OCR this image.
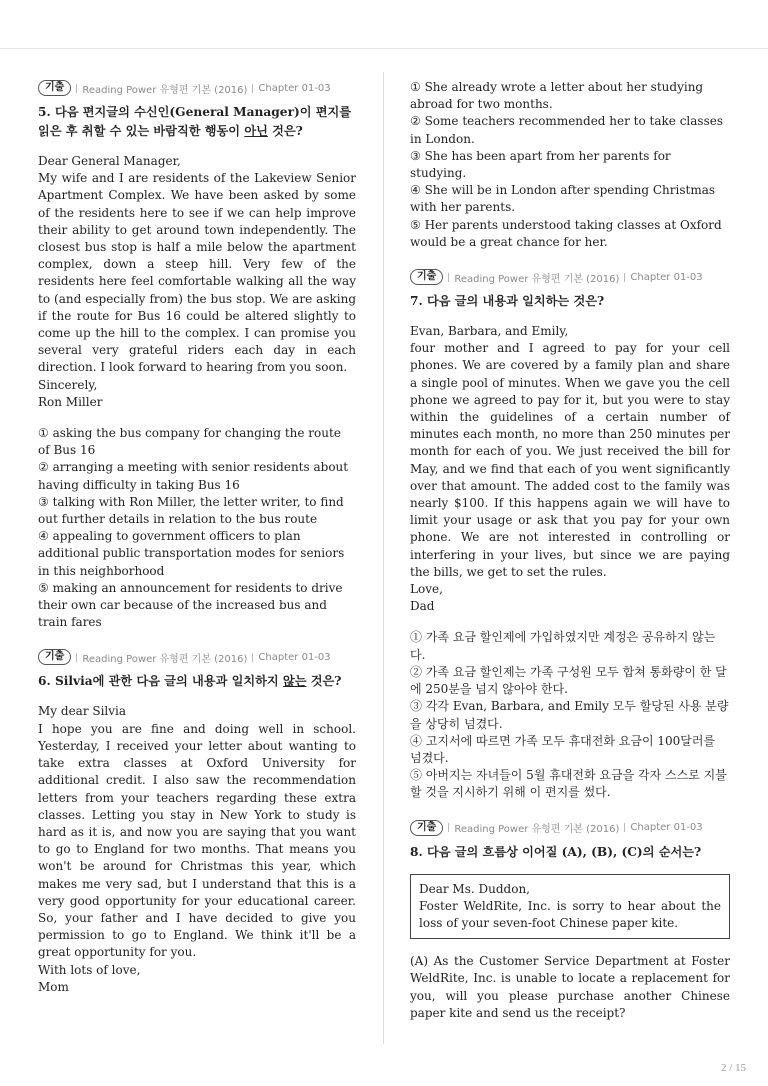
기출	Reading Power 유형편 기본 (2016) Chapter 01-03
5. 다음 편지글의 수신인(General Manager)이 편지를 읽은 후 취할 수 있는 바람직한 행동이 아닌 것은?

Dear General Manager,

My wife and I are residents of the Lakeview Senior Apartment Complex. We have been asked by some of the residents here to see if we can help improve their ability to get around town independently. The closest bus stop is half a mile below the apartment complex, down a steep hill. Very few of the residents here feel comfortable walking all the way to (and especially from) the bus stop. We are asking if the route for Bus 16 could be altered slightly to come up the hill to the complex. I can promise you several very grateful riders each day in each direction. I look forward to hearing from you soon.

Sincerely,

Ron Miller

① asking the bus company for changing the route of Bus 16

② arranging a meeting with senior residents about having difficulty in taking Bus 16

③ talking with Ron Miller, the letter writer, to find out further details in relation to the bus route

④ appealing to government officers to plan additional public transportation modes for seniors in this neighborhood

⑤ making an announcement for residents to drive their own car because of the increased bus and train fares

기출	Reading Power 유형편 기본 (2016) Chapter 01-03
6. Silvia에 관한 다음 글의 내용과 일치하지 않는 것은?

My dear Silvia

I hope you are fine and doing well in school. Yesterday, I received your letter about wanting to take extra classes at Oxford University for additional credit. I also saw the recommendation letters from your teachers regarding these extra classes. Letting you stay in New York to study is hard as it is, and now you are saying that you want to go to England for two months. That means you won't be around for Christmas this year, which makes me very sad, but I understand that this is a very good opportunity for your educational career. So, your father and I have decided to give you permission to go to England. We think it'll be a great opportunity for you.

With lots of love,

Mom

① She already wrote a letter about her studying abroad for two months.

② Some teachers recommended her to take classes in London.

③ She has been apart from her parents for studying.

④ She will be in London after spending Christmas with her parents.

⑤ Her parents understood taking classes at Oxford would be a great chance for her.

기출	Reading Power 유형편 기본 (2016) Chapter 01-03
7. 다음 글의 내용과 일치하는 것은?

Evan, Barbara, and Emily,

four mother and I agreed to pay for your cell phones. We are covered by a family plan and share a single pool of minutes. When we gave you the cell phone we agreed to pay for it, but you were to stay within the guidelines of a certain number of minutes each month, no more than 250 minutes per month for each of you. We just received the bill for May, and we find that each of you went significantly over that amount. The added cost to the family was nearly $100. If this happens again we will have to limit your usage or ask that you pay for your own phone. We are not interested in controlling or interfering in your lives, but since we are paying the bills, we get to set the rules.

Love,

Dad

① 가족 요금 할인제에 가입하였지만 계정은 공유하지 않는다.

② 가족 요금 할인제는 가족 구성원 모두 합쳐 통화량이 한 달에 250분을 넘지 않아야 한다.

③ 각각 Evan, Barbara, and Emily 모두 할당된 사용 분량을 상당히 넘겼다.

④ 고지서에 따르면 가족 모두 휴대전화 요금이 100달러를 넘겼다.

⑤ 아버지는 자녀들이 5월 휴대전화 요금을 각자 스스로 지불할 것을 지시하기 위해 이 편지를 썼다.

기출	Reading Power 유형편 기본 (2016) Chapter 01-03
8. 다음 글의 흐름상 이어질 (A), (B), (C)의 순서는?

Dear Ms. Duddon,

Foster WeldRite, Inc. is sorry to hear about the loss of your seven-foot Chinese paper kite.

(A) As the Customer Service Department at Foster WeldRite, Inc. is unable to locate a replacement for you, will you please purchase another Chinese paper kite and send us the receipt?

2 / 15
